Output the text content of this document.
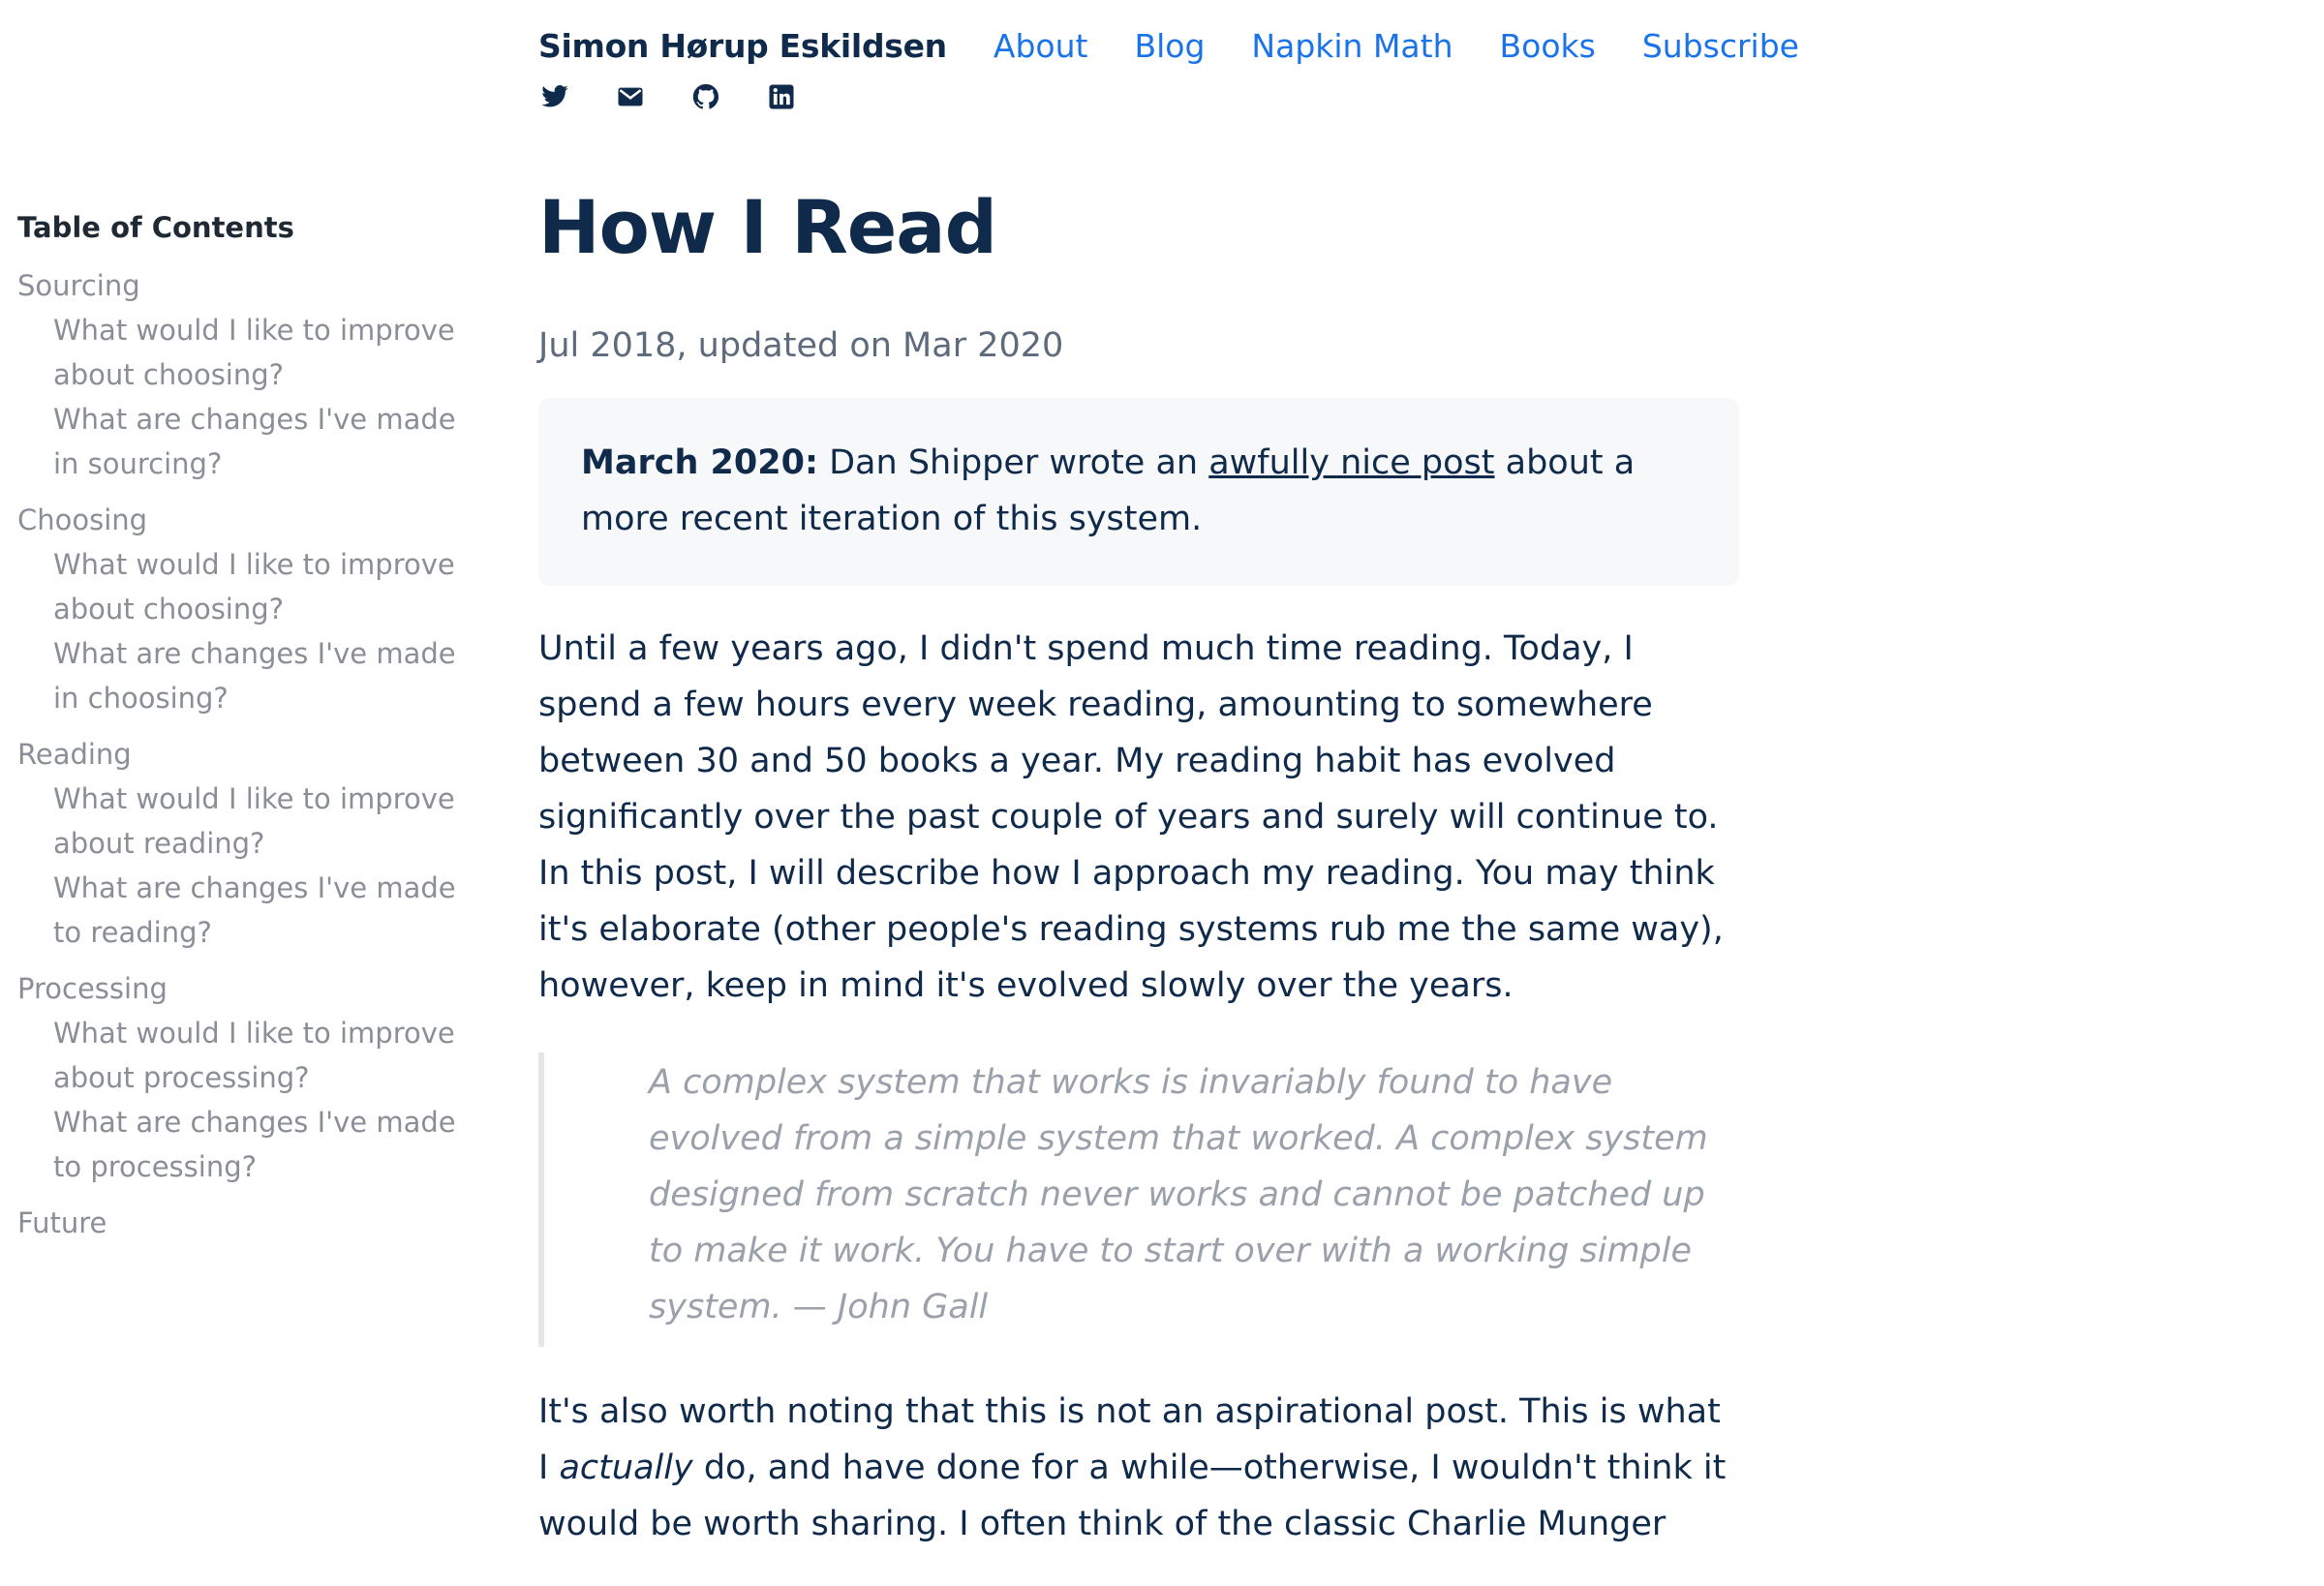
Simon Hørup Eskildsen About Blog Napkin Math Books Subscribe
Table of Contents
Sourcing
What would I like to improve about choosing?
What are changes I've made in sourcing?
Choosing
What would I like to improve about choosing?
What are changes I've made in choosing?
Reading
What would I like to improve about reading?
What are changes I've made to reading?
Processing
What would I like to improve about processing?
What are changes I've made to processing?
Future
How I Read
Jul 2018, updated on Mar 2020
March 2020: Dan Shipper wrote an awfully nice post about a more recent iteration of this system.

Until a few years ago, I didn't spend much time reading. Today, I spend a few hours every week reading, amounting to somewhere between 30 and 50 books a year. My reading habit has evolved significantly over the past couple of years and surely will continue to. In this post, I will describe how I approach my reading. You may think it's elaborate (other people's reading systems rub me the same way), however, keep in mind it's evolved slowly over the years.

A complex system that works is invariably found to have evolved from a simple system that worked. A complex system designed from scratch never works and cannot be patched up to make it work. You have to start over with a working simple system. — John Gall

It's also worth noting that this is not an aspirational post. This is what I actually do, and have done for a while—otherwise, I wouldn't think it would be worth sharing. I often think of the classic Charlie Munger
